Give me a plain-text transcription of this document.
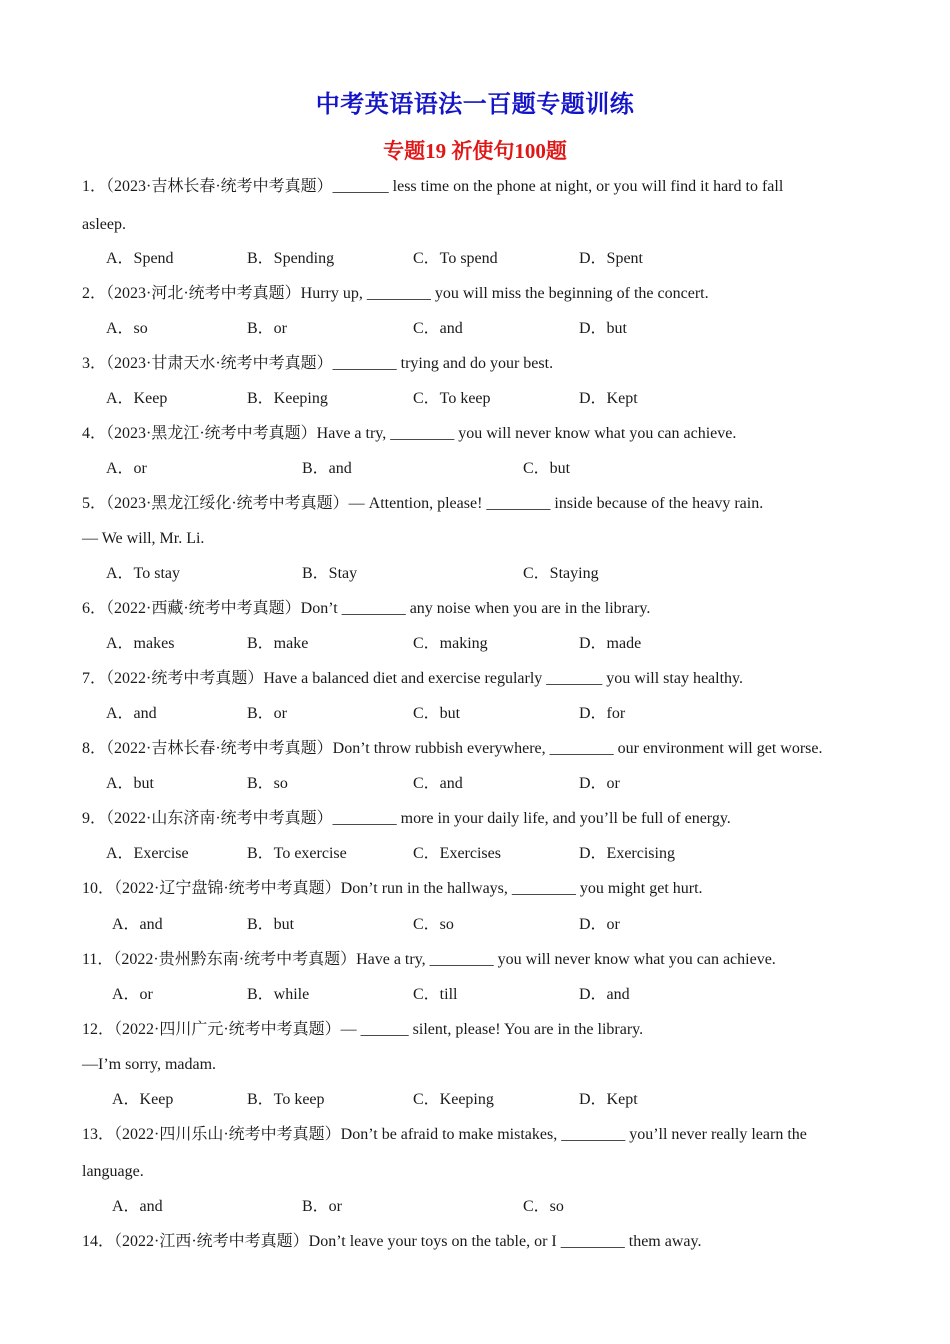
中考英语语法一百题专题训练
专题19 祈使句100题
1．（2023·吉林长春·统考中考真题）_______ less time on the phone at night, or you will find it hard to fall
asleep.
A．Spend	B．Spending	C．To spend	D．Spent
2．（2023·河北·统考中考真题）Hurry up, ________ you will miss the beginning of the concert.
A．so	B．or	C．and	D．but
3．（2023·甘肃天水·统考中考真题）________ trying and do your best.
A．Keep	B．Keeping	C．To keep	D．Kept
4．（2023·黑龙江·统考中考真题）Have a try, ________ you will never know what you can achieve.
A．or	B．and	C．but
5．（2023·黑龙江绥化·统考中考真题）— Attention, please! ________ inside because of the heavy rain.
— We will, Mr. Li.
A．To stay	B．Stay	C．Staying
6．（2022·西藏·统考中考真题）Don’t ________ any noise when you are in the library.
A．makes	B．make	C．making	D．made
7．（2022·统考中考真题）Have a balanced diet and exercise regularly _______ you will stay healthy.
A．and	B．or	C．but	D．for
8．（2022·吉林长春·统考中考真题）Don’t throw rubbish everywhere, ________ our environment will get worse.
A．but	B．so	C．and	D．or
9．（2022·山东济南·统考中考真题）________ more in your daily life, and you’ll be full of energy.
A．Exercise	B．To exercise	C．Exercises	D．Exercising
10．（2022·辽宁盘锦·统考中考真题）Don’t run in the hallways, ________ you might get hurt.
A．and	B．but	C．so	D．or
11．（2022·贵州黔东南·统考中考真题）Have a try, ________ you will never know what you can achieve.
A．or	B．while	C．till	D．and
12．（2022·四川广元·统考中考真题）— ______ silent, please! You are in the library.
—I’m sorry, madam.
A．Keep	B．To keep	C．Keeping	D．Kept
13．（2022·四川乐山·统考中考真题）Don’t be afraid to make mistakes, ________ you’ll never really learn the
language.
A．and	B．or	C．so
14．（2022·江西·统考中考真题）Don’t leave your toys on the table, or I ________ them away.
